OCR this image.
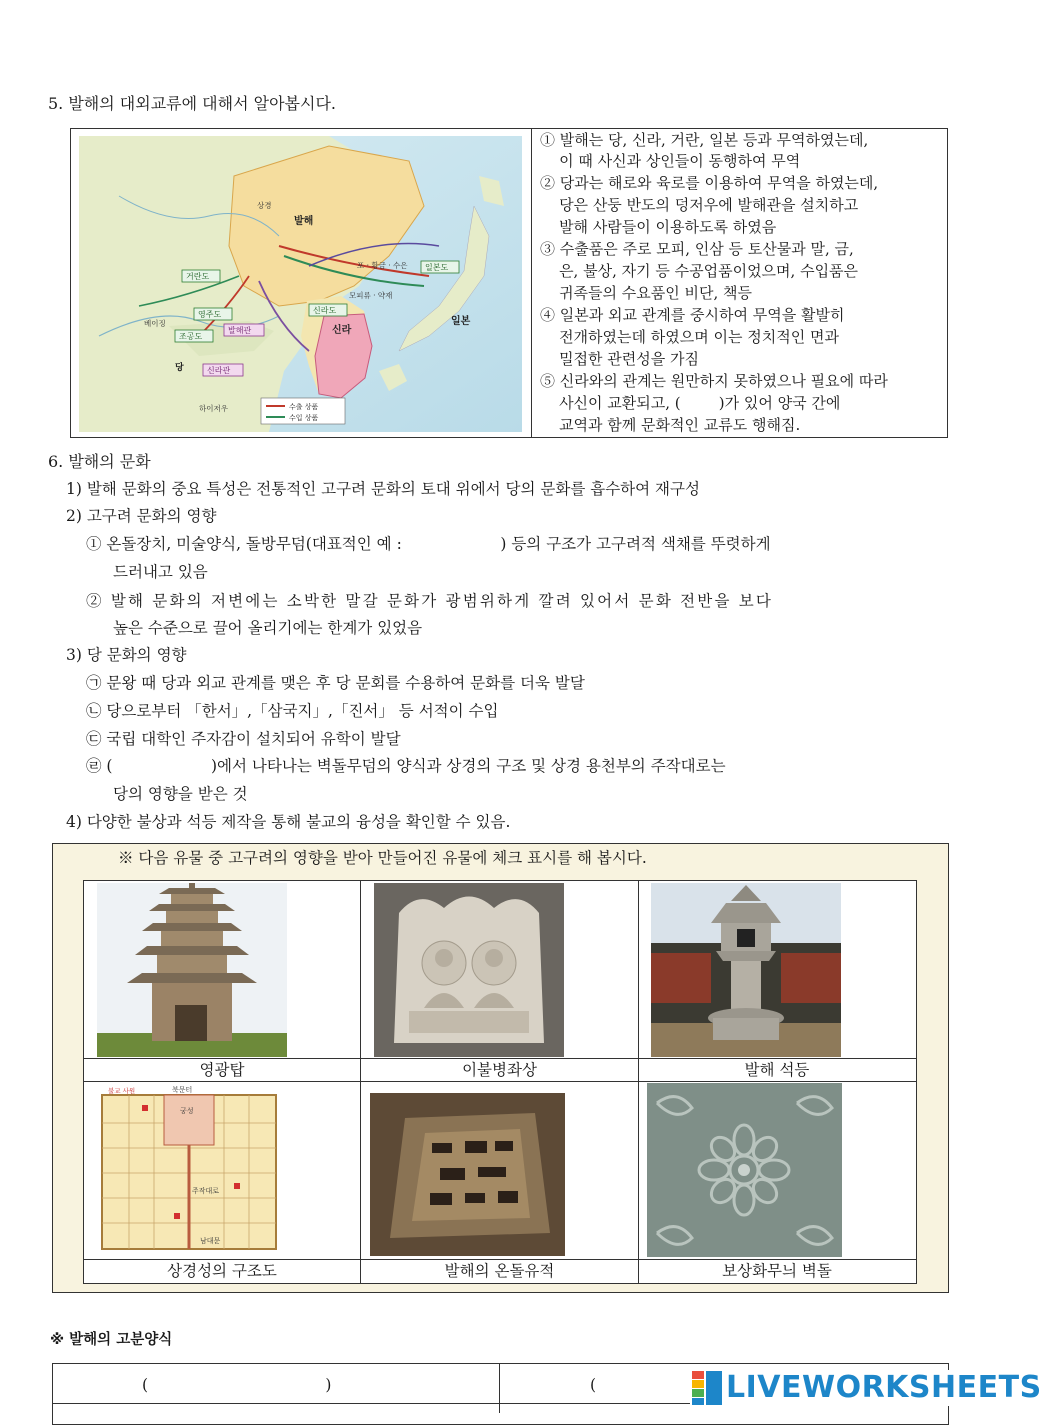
5. 발해의 대외교류에 대해서 알아봅시다.
발해
상경
신라
일본
당
베이징
하이저우
모피류 · 약재
포 · 황금 · 수은
거란도
영주도
조공도
발해관
신라관
신라도
일본도
수출 상품
수입 상품
① 발해는 당, 신라, 거란, 일본 등과 무역하였는데,
이 때 사신과 상인들이 동행하여 무역
② 당과는 해로와 육로를 이용하여 무역을 하였는데,
당은 산둥 반도의 덩저우에 발해관을 설치하고
발해 사람들이 이용하도록 하였음
③ 수출품은 주로 모피, 인삼 등 토산물과 말, 금,
은, 불상, 자기 등 수공업품이었으며, 수입품은
귀족들의 수요품인 비단, 책등
④ 일본과 외교 관계를 중시하여 무역을 활발히
전개하였는데 하였으며 이는 정치적인 면과
밀접한 관련성을 가짐
⑤ 신라와의 관계는 원만하지 못하였으나 필요에 따라
사신이 교환되고, (        )가 있어 양국 간에
교역과 함께 문화적인 교류도 행해짐.
6. 발해의 문화
1) 발해 문화의 중요 특성은 전통적인 고구려 문화의 토대 위에서 당의 문화를 흡수하여 재구성
2) 고구려 문화의 영향
① 온돌장치, 미술양식, 돌방무덤(대표적인 예 :                    ) 등의 구조가 고구려적 색채를 뚜렷하게
드러내고 있음
② 발해 문화의 저변에는 소박한 말갈 문화가 광범위하게 깔려 있어서 문화 전반을 보다
높은 수준으로 끌어 올리기에는 한계가 있었음
3) 당 문화의 영향
㉠ 문왕 때 당과 외교 관계를 맺은 후 당 문회를 수용하여 문화를 더욱 발달
㉡ 당으로부터 「한서」,「삼국지」,「진서」 등 서적이 수입
㉢ 국립 대학인 주자감이 설치되어 유학이 발달
㉣ (                    )에서 나타나는 벽돌무덤의 양식과 상경의 구조 및 상경 용천부의 주작대로는
당의 영향을 받은 것
4) 다양한 불상과 석등 제작을 통해 불교의 융성을 확인할 수 있음.
※ 다음 유물 중 고구려의 영향을 받아 만들어진 유물에 체크 표시를 해 봅시다.
영광탑	이불병좌상	발해 석등
북문터
불교 사원
궁성
주작대로
남대문
상경성의 구조도	발해의 온돌유적	보상화무늬 벽돌
※ 발해의 고분양식
(                                    )	(	LIVEWORKSHEETS
